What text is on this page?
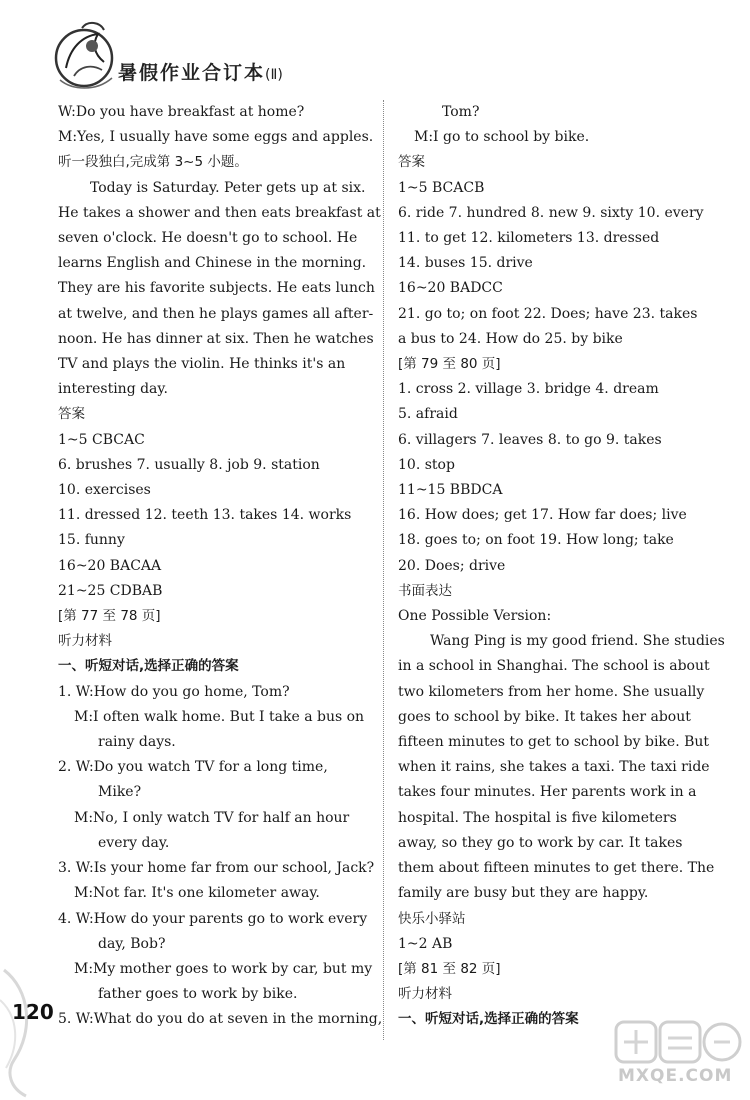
暑假作业合订本(Ⅱ)
W:Do you have breakfast at home?
M:Yes, I usually have some eggs and apples.
听一段独白,完成第 3~5 小题。
Today is Saturday. Peter gets up at six.
He takes a shower and then eats breakfast at
seven o'clock. He doesn't go to school. He
learns English and Chinese in the morning.
They are his favorite subjects. He eats lunch
at twelve, and then he plays games all after-
noon. He has dinner at six. Then he watches
TV and plays the violin. He thinks it's an
interesting day.
答案
1~5 CBCAC
6. brushes 7. usually 8. job 9. station
10. exercises
11. dressed 12. teeth 13. takes 14. works
15. funny
16~20 BACAA
21~25 CDBAB
[第 77 至 78 页]
听力材料
一、听短对话,选择正确的答案
1. W:How do you go home, Tom?
M:I often walk home. But I take a bus on
rainy days.
2. W:Do you watch TV for a long time,
Mike?
M:No, I only watch TV for half an hour
every day.
3. W:Is your home far from our school, Jack?
M:Not far. It's one kilometer away.
4. W:How do your parents go to work every
day, Bob?
M:My mother goes to work by car, but my
father goes to work by bike.
5. W:What do you do at seven in the morning,
Tom?
M:I go to school by bike.
答案
1~5 BCACB
6. ride 7. hundred 8. new 9. sixty 10. every
11. to get 12. kilometers 13. dressed
14. buses 15. drive
16~20 BADCC
21. go to; on foot 22. Does; have 23. takes
a bus to 24. How do 25. by bike
[第 79 至 80 页]
1. cross 2. village 3. bridge 4. dream
5. afraid
6. villagers 7. leaves 8. to go 9. takes
10. stop
11~15 BBDCA
16. How does; get 17. How far does; live
18. goes to; on foot 19. How long; take
20. Does; drive
书面表达
One Possible Version:
Wang Ping is my good friend. She studies
in a school in Shanghai. The school is about
two kilometers from her home. She usually
goes to school by bike. It takes her about
fifteen minutes to get to school by bike. But
when it rains, she takes a taxi. The taxi ride
takes four minutes. Her parents work in a
hospital. The hospital is five kilometers
away, so they go to work by car. It takes
them about fifteen minutes to get there. The
family are busy but they are happy.
快乐小驿站
1~2 AB
[第 81 至 82 页]
听力材料
一、听短对话,选择正确的答案
120
MXQE.COM
